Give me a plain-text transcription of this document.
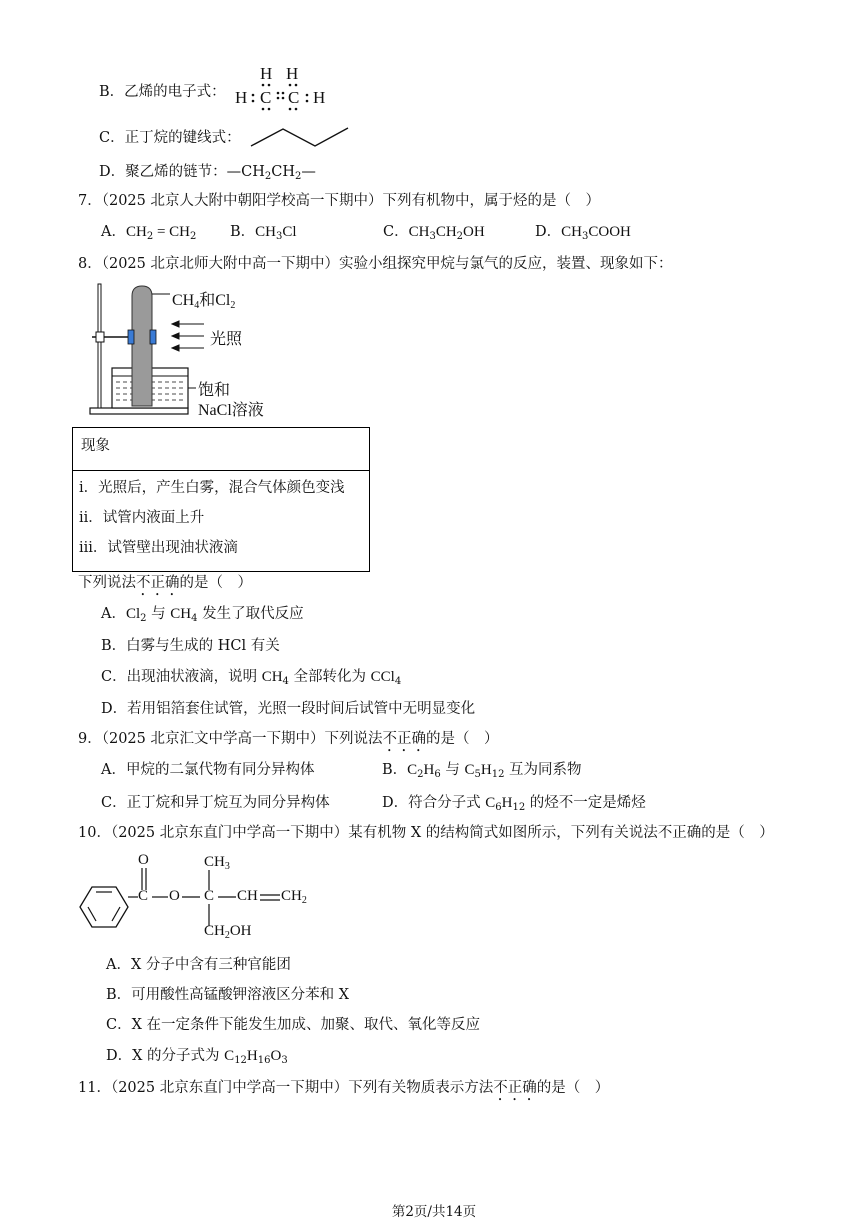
B．乙烯的电子式：
H H
H C C H
C．正丁烷的键线式：
D．聚乙烯的链节：$—CH_2CH_2—$
7．（2025 北京人大附中朝阳学校高一下期中）下列有机物中，属于烃的是（　）
A．$CH_2 = CH_2$ B．$CH_3Cl$	C．$CH_3CH_2OH$	D．$CH_3COOH$
8．（2025 北京北师大附中高一下期中）实验小组探究甲烷与氯气的反应，装置、现象如下：
$CH_4$和$Cl_2$
光照
饱和
NaCl溶液
现象
i．光照后，产生白雾，混合气体颜色变浅
ii．试管内液面上升
iii．试管壁出现油状液滴
下列说法不正确的是（　）
A．$Cl_2$ 与 $CH_4$ 发生了取代反应
B．白雾与生成的 HCl 有关
C．出现油状液滴，说明 $CH_4$ 全部转化为 CCl$_4$
D．若用铝箔套住试管，光照一段时间后试管中无明显变化
9．（2025 北京汇文中学高一下期中）下列说法不正确的是（　）
A．甲烷的二氯代物有同分异构体	B．$C_2H_6$ 与 $C_5H_{12}$ 互为同系物
C．正丁烷和异丁烷互为同分异构体	D．符合分子式 $C_6H_{12}$ 的烃不一定是烯烃
10．（2025 北京东直门中学高一下期中）某有机物 X 的结构简式如图所示，下列有关说法不正确的是（　）
O
C O C
$CH_3$
CH $CH_2$
$CH_2OH$
A．X 分子中含有三种官能团
B．可用酸性高锰酸钾溶液区分苯和 X
C．X 在一定条件下能发生加成、加聚、取代、氧化等反应
D．X 的分子式为 $C_{12}H_{16}O_3$
11．（2025 北京东直门中学高一下期中）下列有关物质表示方法不正确的是（　）
第2页/共14页
